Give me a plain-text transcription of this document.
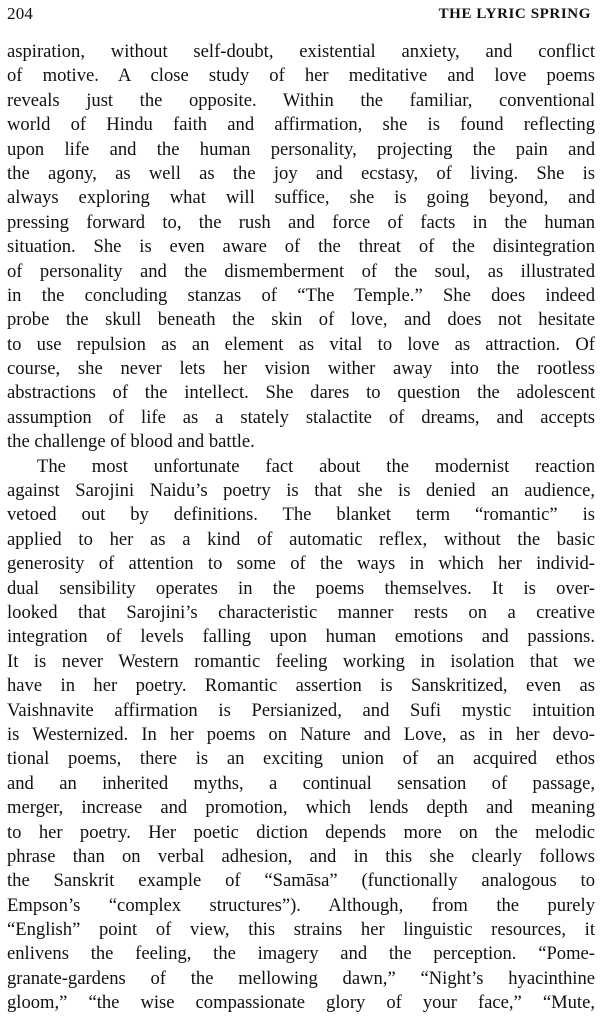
204	THE LYRIC SPRING
aspiration, without self-doubt, existential anxiety, and conflict
of motive. A close study of her meditative and love poems
reveals just the opposite. Within the familiar, conventional
world of Hindu faith and affirmation, she is found reflecting
upon life and the human personality, projecting the pain and
the agony, as well as the joy and ecstasy, of living. She is
always exploring what will suffice, she is going beyond, and
pressing forward to, the rush and force of facts in the human
situation. She is even aware of the threat of the disintegration
of personality and the dismemberment of the soul, as illustrated
in the concluding stanzas of “The Temple.” She does indeed
probe the skull beneath the skin of love, and does not hesitate
to use repulsion as an element as vital to love as attraction. Of
course, she never lets her vision wither away into the rootless
abstractions of the intellect. She dares to question the adolescent
assumption of life as a stately stalactite of dreams, and accepts
the challenge of blood and battle.
The most unfortunate fact about the modernist reaction
against Sarojini Naidu’s poetry is that she is denied an audience,
vetoed out by definitions. The blanket term “romantic” is
applied to her as a kind of automatic reflex, without the basic
generosity of attention to some of the ways in which her individ-
dual sensibility operates in the poems themselves. It is over-
looked that Sarojini’s characteristic manner rests on a creative
integration of levels falling upon human emotions and passions.
It is never Western romantic feeling working in isolation that we
have in her poetry. Romantic assertion is Sanskritized, even as
Vaishnavite affirmation is Persianized, and Sufi mystic intuition
is Westernized. In her poems on Nature and Love, as in her devo-
tional poems, there is an exciting union of an acquired ethos
and an inherited myths, a continual sensation of passage,
merger, increase and promotion, which lends depth and meaning
to her poetry. Her poetic diction depends more on the melodic
phrase than on verbal adhesion, and in this she clearly follows
the Sanskrit example of “Samāsa” (functionally analogous to
Empson’s “complex structures”). Although, from the purely
“English” point of view, this strains her linguistic resources, it
enlivens the feeling, the imagery and the perception. “Pome-
granate-gardens of the mellowing dawn,” “Night’s hyacinthine
gloom,” “the wise compassionate glory of your face,” “Mute,
